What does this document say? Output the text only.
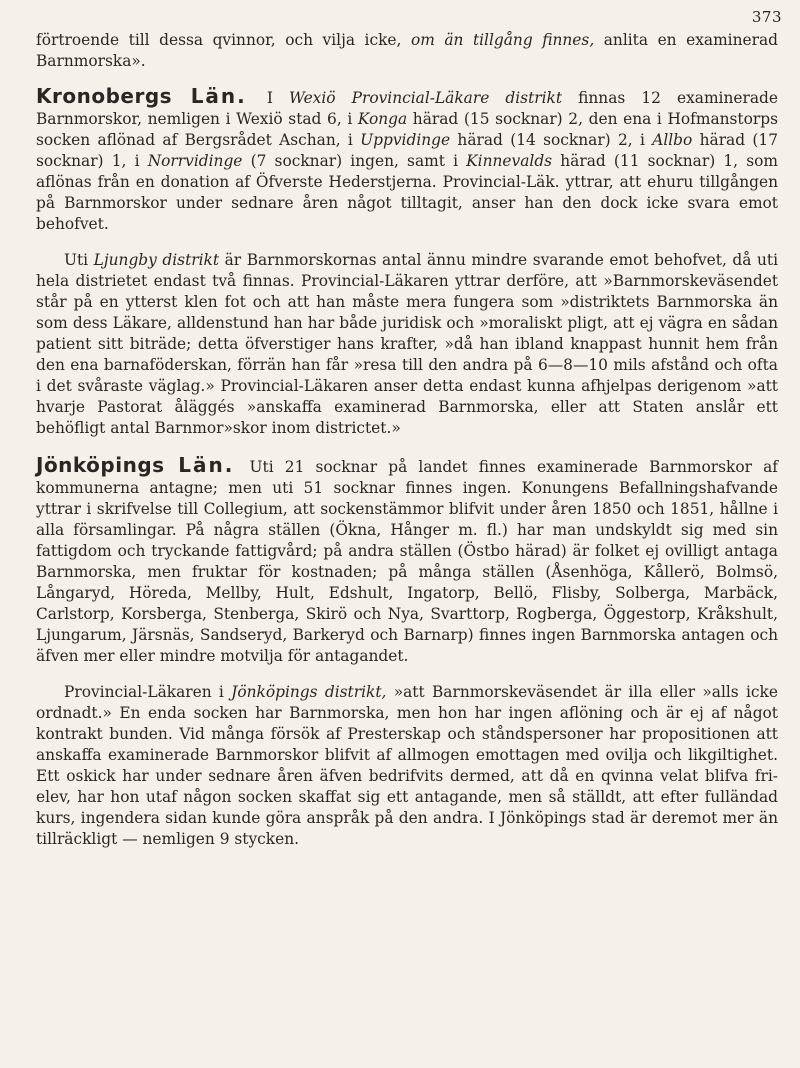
373

förtroende till dessa qvinnor, och vilja icke, om än tillgång finnes, anlita en examinerad Barnmorska».

Kronobergs Län. I Wexiö Provincial-Läkare distrikt finnas 12 examinerade Barnmorskor, nemligen i Wexiö stad 6, i Konga härad (15 socknar) 2, den ena i Hofmanstorps socken aflönad af Bergsrådet Aschan, i Uppvidinge härad (14 socknar) 2, i Allbo härad (17 socknar) 1, i Norrvidinge (7 socknar) ingen, samt i Kinnevalds härad (11 socknar) 1, som aflönas från en donation af Öfverste Hederstjerna. Provincial-Läk. yttrar, att ehuru tillgången på Barnmorskor under sednare åren något tilltagit, anser han den dock icke svara emot behofvet.

Uti Ljungby distrikt är Barnmorskornas antal ännu mindre svarande emot behofvet, då uti hela distrietet endast två finnas. Provincial-Läkaren yttrar derföre, att »Barnmorskeväsendet står på en ytterst klen fot och att han måste mera fungera som »distriktets Barnmorska än som dess Läkare, alldenstund han har både juridisk och »moraliskt pligt, att ej vägra en sådan patient sitt biträde; detta öfverstiger hans krafter, »då han ibland knappast hunnit hem från den ena barnaföderskan, förrän han får »resa till den andra på 6—8—10 mils afstånd och ofta i det svåraste väglag.» Provincial-Läkaren anser detta endast kunna afhjelpas derigenom »att hvarje Pastorat åläggés »anskaffa examinerad Barnmorska, eller att Staten anslår ett behöfligt antal Barnmor»skor inom districtet.»

Jönköpings Län. Uti 21 socknar på landet finnes examinerade Barnmorskor af kommunerna antagne; men uti 51 socknar finnes ingen. Konungens Befallningshafvande yttrar i skrifvelse till Collegium, att sockenstämmor blifvit under åren 1850 och 1851, hållne i alla församlingar. På några ställen (Ökna, Hånger m. fl.) har man undskyldt sig med sin fattigdom och tryckande fattigvård; på andra ställen (Östbo härad) är folket ej ovilligt antaga Barnmorska, men fruktar för kostnaden; på många ställen (Åsenhöga, Kållerö, Bolmsö, Långaryd, Höreda, Mellby, Hult, Edshult, Ingatorp, Bellö, Flisby, Solberga, Marbäck, Carlstorp, Korsberga, Stenberga, Skirö och Nya, Svarttorp, Rogberga, Öggestorp, Kråkshult, Ljungarum, Järsnäs, Sandseryd, Barkeryd och Barnarp) finnes ingen Barnmorska antagen och äfven mer eller mindre motvilja för antagandet.

Provincial-Läkaren i Jönköpings distrikt, »att Barnmorskeväsendet är illa eller »alls icke ordnadt.» En enda socken har Barnmorska, men hon har ingen aflöning och är ej af något kontrakt bunden. Vid många försök af Presterskap och ståndspersoner har propositionen att anskaffa examinerade Barnmorskor blifvit af allmogen emottagen med ovilja och likgiltighet. Ett oskick har under sednare åren äfven bedrifvits dermed, att då en qvinna velat blifva fri-elev, har hon utaf någon socken skaffat sig ett antagande, men så ställdt, att efter fulländad kurs, ingendera sidan kunde göra anspråk på den andra. I Jönköpings stad är deremot mer än tillräckligt — nemligen 9 stycken.
